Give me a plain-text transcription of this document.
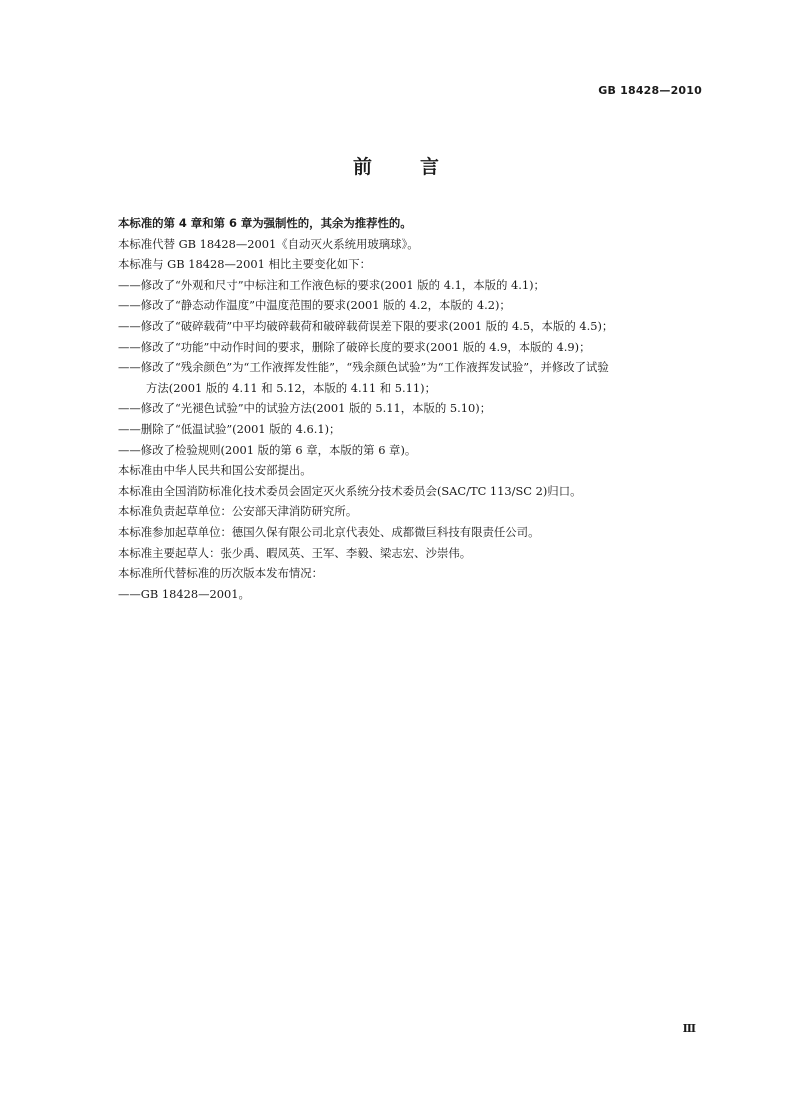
GB 18428—2010
前言
本标准的第 4 章和第 6 章为强制性的，其余为推荐性的。
本标准代替 GB 18428—2001《自动灭火系统用玻璃球》。
本标准与 GB 18428—2001 相比主要变化如下：
——修改了“外观和尺寸”中标注和工作液色标的要求(2001 版的 4.1，本版的 4.1)；
——修改了“静态动作温度”中温度范围的要求(2001 版的 4.2，本版的 4.2)；
——修改了“破碎载荷”中平均破碎载荷和破碎载荷误差下限的要求(2001 版的 4.5，本版的 4.5)；
——修改了“功能”中动作时间的要求，删除了破碎长度的要求(2001 版的 4.9，本版的 4.9)；
——修改了“残余颜色”为“工作液挥发性能”，“残余颜色试验”为“工作液挥发试验”，并修改了试验
方法(2001 版的 4.11 和 5.12，本版的 4.11 和 5.11)；
——修改了“光褪色试验”中的试验方法(2001 版的 5.11，本版的 5.10)；
——删除了“低温试验”(2001 版的 4.6.1)；
——修改了检验规则(2001 版的第 6 章，本版的第 6 章)。
本标准由中华人民共和国公安部提出。
本标准由全国消防标准化技术委员会固定灭火系统分技术委员会(SAC/TC 113/SC 2)归口。
本标准负责起草单位：公安部天津消防研究所。
本标准参加起草单位：德国久保有限公司北京代表处、成都微巨科技有限责任公司。
本标准主要起草人：张少禹、暇凤英、王军、李毅、梁志宏、沙崇伟。
本标准所代替标准的历次版本发布情况：
——GB 18428—2001。
Ⅲ
